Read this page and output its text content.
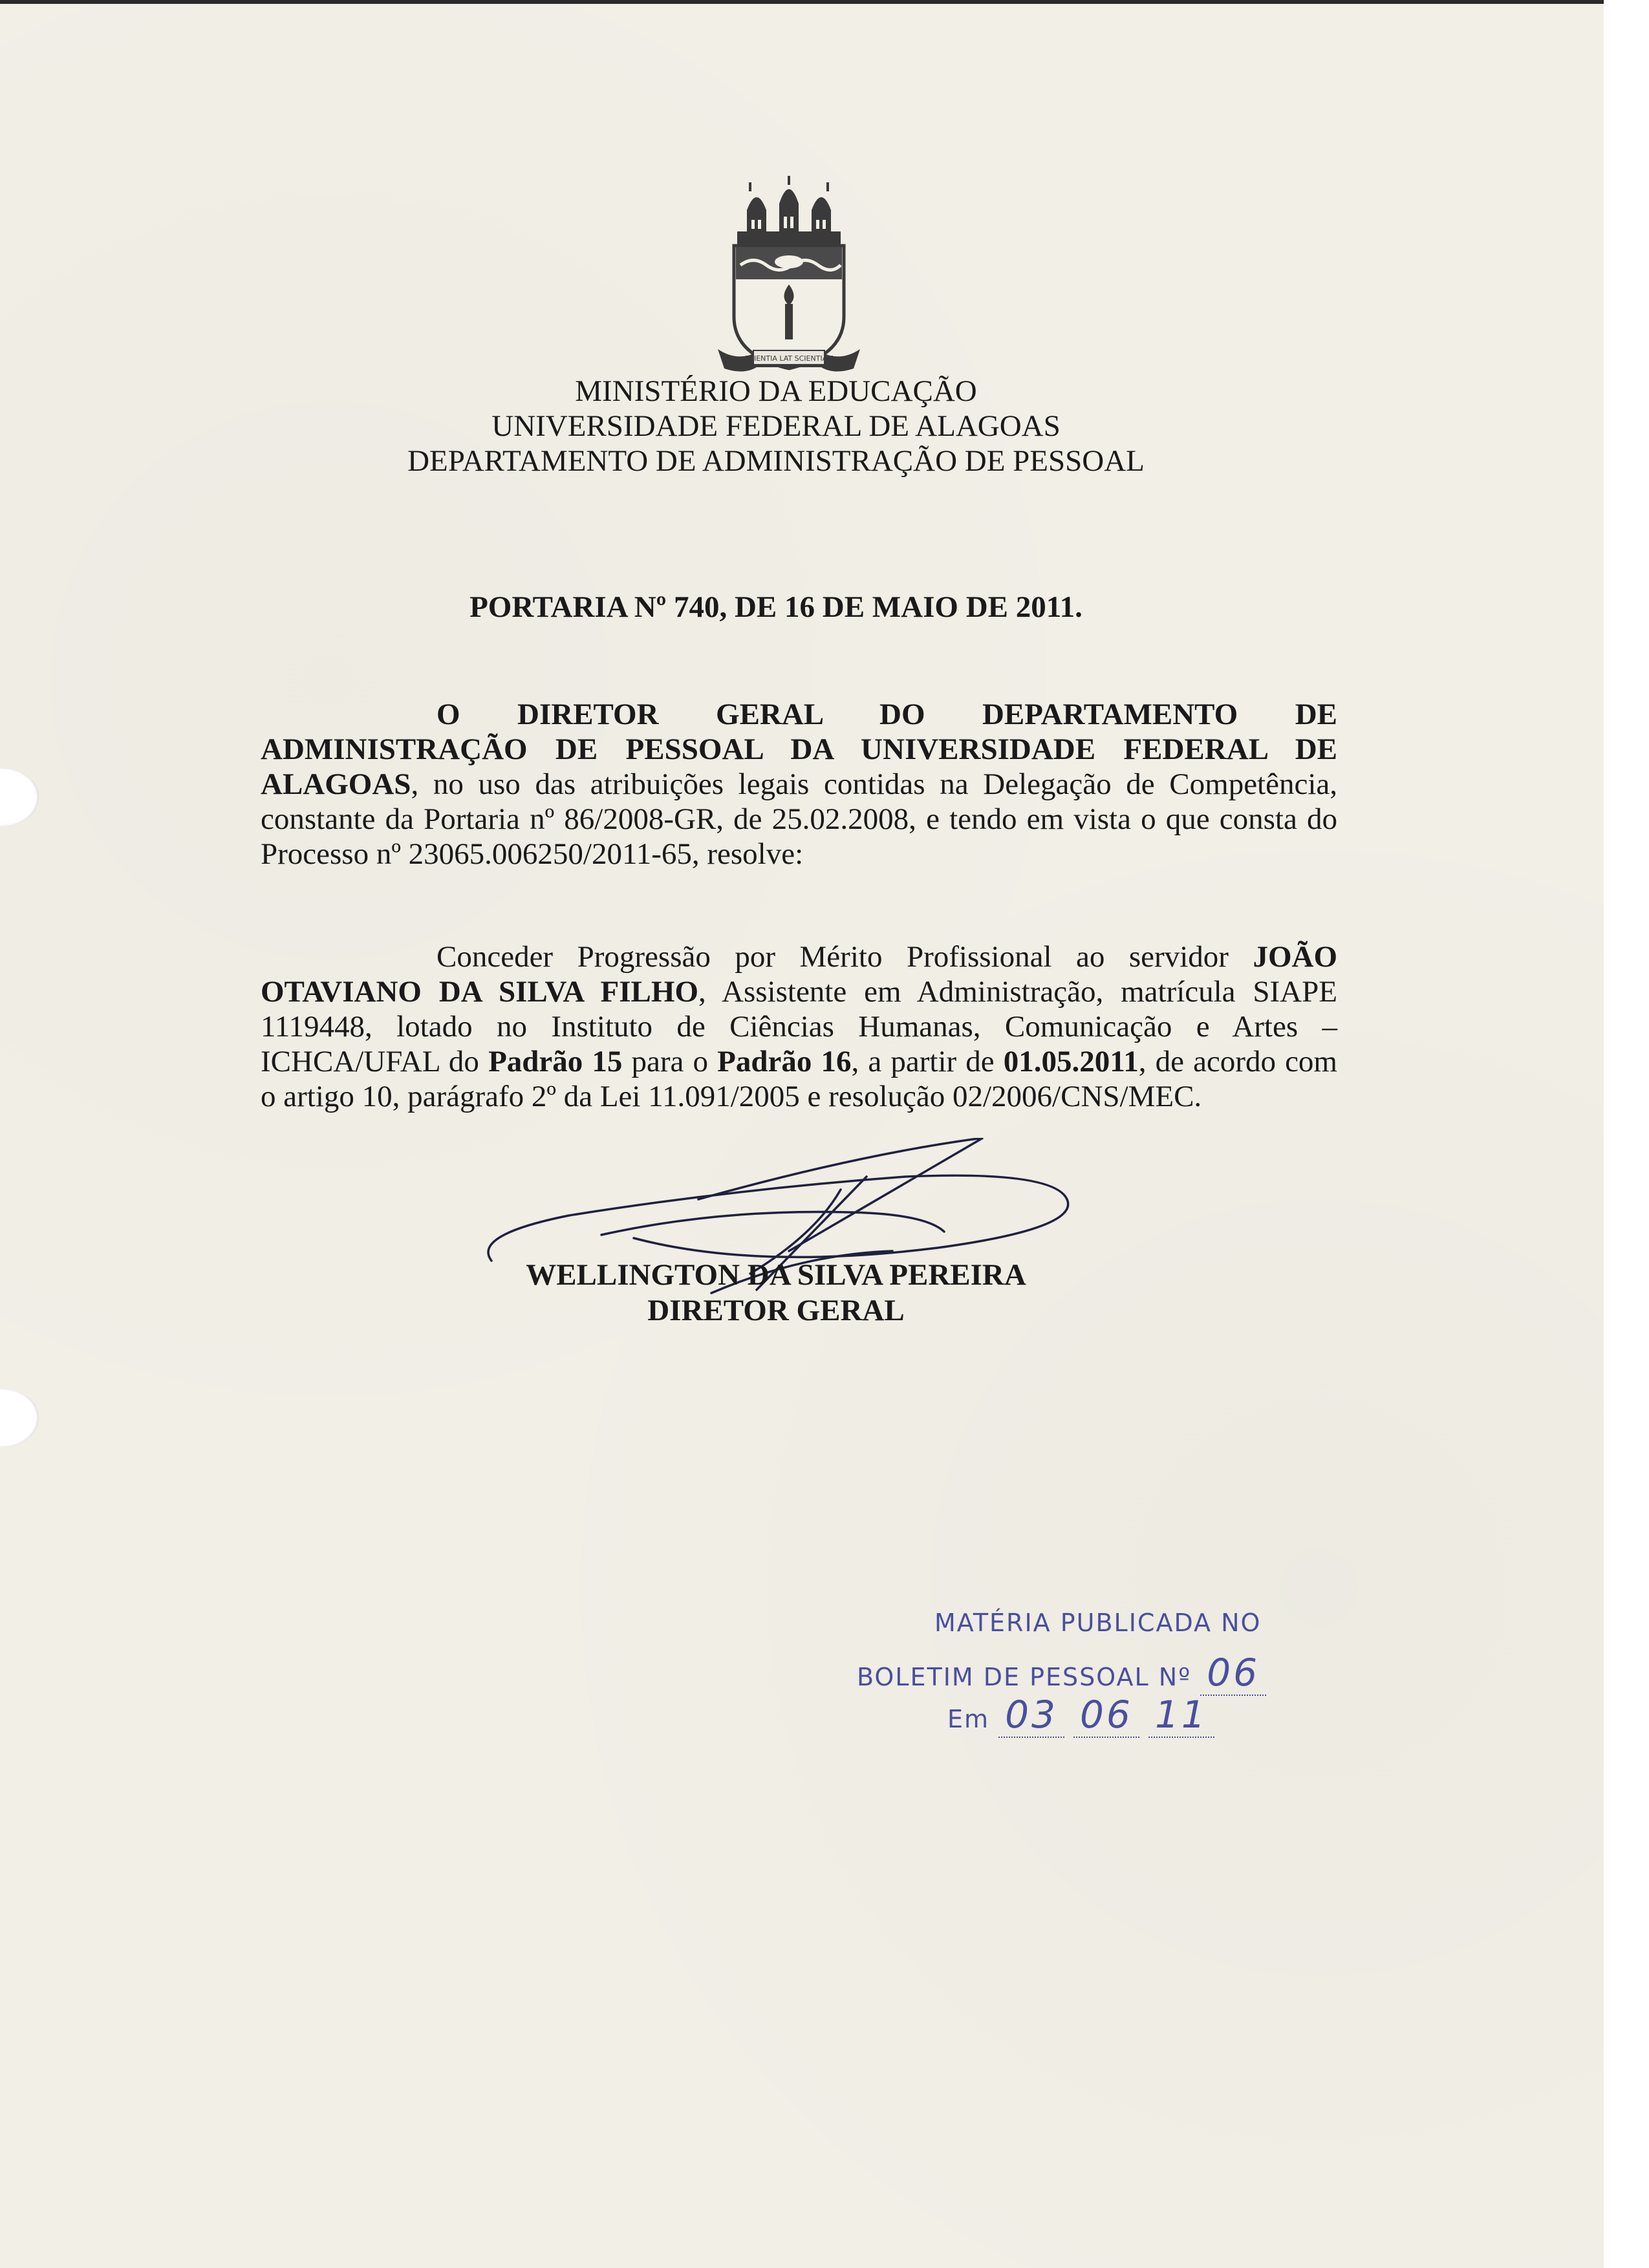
SCIENTIA LAT SCIENTIAM
MINISTÉRIO DA EDUCAÇÃO
UNIVERSIDADE FEDERAL DE ALAGOAS
DEPARTAMENTO DE ADMINISTRAÇÃO DE PESSOAL
PORTARIA Nº 740, DE 16 DE MAIO DE 2011.
O DIRETOR GERAL DO DEPARTAMENTO DE ADMINISTRAÇÃO DE PESSOAL DA UNIVERSIDADE FEDERAL DE ALAGOAS, no uso das atribuições legais contidas na Delegação de Competência, constante da Portaria nº 86/2008-GR, de 25.02.2008, e tendo em vista o que consta do Processo nº 23065.006250/2011-65, resolve:
Conceder Progressão por Mérito Profissional ao servidor JOÃO OTAVIANO DA SILVA FILHO, Assistente em Administração, matrícula SIAPE 1119448, lotado no Instituto de Ciências Humanas, Comunicação e Artes – ICHCA/UFAL do Padrão 15 para o Padrão 16, a partir de 01.05.2011, de acordo com o artigo 10, parágrafo 2º da Lei 11.091/2005 e resolução 02/2006/CNS/MEC.
WELLINGTON DA SILVA PEREIRA
DIRETOR GERAL
MATÉRIA PUBLICADA NO
BOLETIM DE PESSOAL Nº 06
Em 03 06 11
